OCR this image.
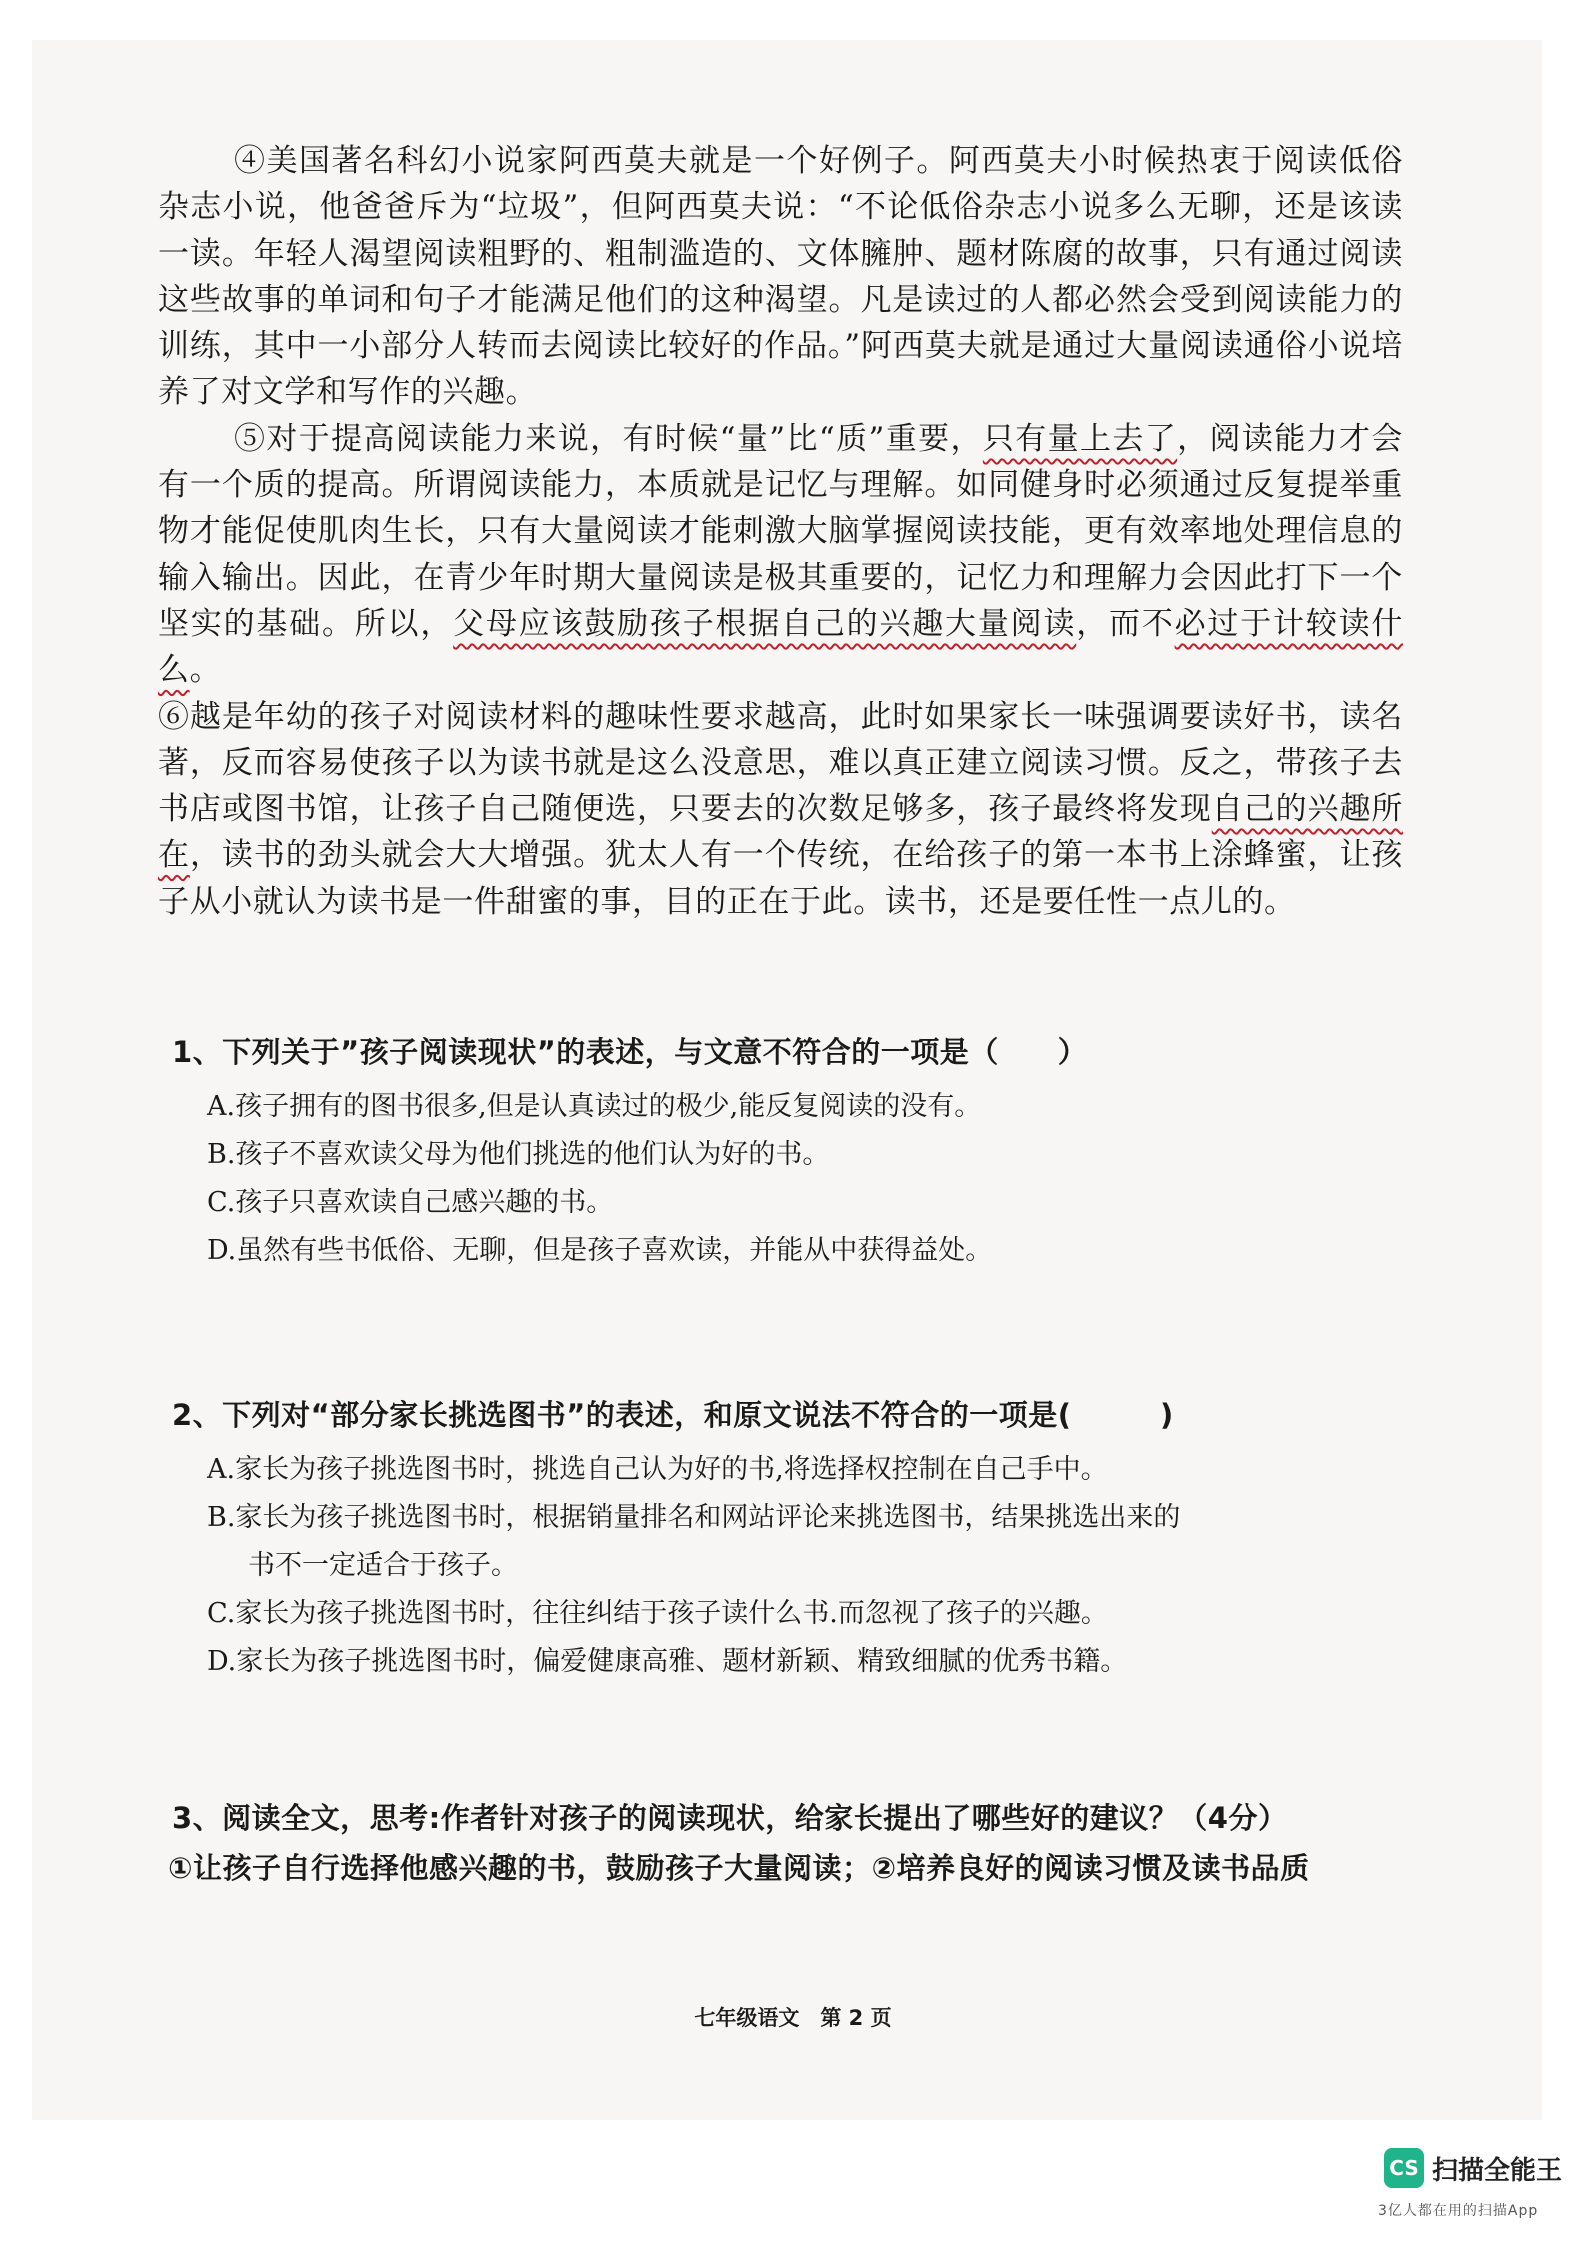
④美国著名科幻小说家阿西莫夫就是一个好例子。阿西莫夫小时候热衷于阅读低俗杂志小说，他爸爸斥为“垃圾”，但阿西莫夫说：“不论低俗杂志小说多么无聊，还是该读一读。年轻人渴望阅读粗野的、粗制滥造的、文体臃肿、题材陈腐的故事，只有通过阅读这些故事的单词和句子才能满足他们的这种渴望。凡是读过的人都必然会受到阅读能力的训练，其中一小部分人转而去阅读比较好的作品。”阿西莫夫就是通过大量阅读通俗小说培养了对文学和写作的兴趣。

⑤对于提高阅读能力来说，有时候“量”比“质”重要，只有量上去了，阅读能力才会有一个质的提高。所谓阅读能力，本质就是记忆与理解。如同健身时必须通过反复提举重物才能促使肌肉生长，只有大量阅读才能刺激大脑掌握阅读技能，更有效率地处理信息的输入输出。因此，在青少年时期大量阅读是极其重要的，记忆力和理解力会因此打下一个坚实的基础。所以，父母应该鼓励孩子根据自己的兴趣大量阅读，而不必过于计较读什么。

⑥越是年幼的孩子对阅读材料的趣味性要求越高，此时如果家长一味强调要读好书，读名著，反而容易使孩子以为读书就是这么没意思，难以真正建立阅读习惯。反之，带孩子去书店或图书馆，让孩子自己随便选，只要去的次数足够多，孩子最终将发现自己的兴趣所在，读书的劲头就会大大增强。犹太人有一个传统，在给孩子的第一本书上涂蜂蜜，让孩子从小就认为读书是一件甜蜜的事，目的正在于此。读书，还是要任性一点儿的。

1、下列关于”孩子阅读现状”的表述，与文意不符合的一项是（　　）
A.孩子拥有的图书很多,但是认真读过的极少,能反复阅读的没有。
B.孩子不喜欢读父母为他们挑选的他们认为好的书。
C.孩子只喜欢读自己感兴趣的书。
D.虽然有些书低俗、无聊，但是孩子喜欢读，并能从中获得益处。
2、下列对“部分家长挑选图书”的表述，和原文说法不符合的一项是(　　　)
A.家长为孩子挑选图书时，挑选自己认为好的书,将选择权控制在自己手中。
B.家长为孩子挑选图书时，根据销量排名和网站评论来挑选图书，结果挑选出来的
书不一定适合于孩子。
C.家长为孩子挑选图书时，往往纠结于孩子读什么书.而忽视了孩子的兴趣。
D.家长为孩子挑选图书时，偏爱健康高雅、题材新颖、精致细腻的优秀书籍。
3、阅读全文，思考:作者针对孩子的阅读现状，给家长提出了哪些好的建议？（4分）
①让孩子自行选择他感兴趣的书，鼓励孩子大量阅读；②培养良好的阅读习惯及读书品质
七年级语文　第 2 页
CS 扫描全能王
3亿人都在用的扫描App
